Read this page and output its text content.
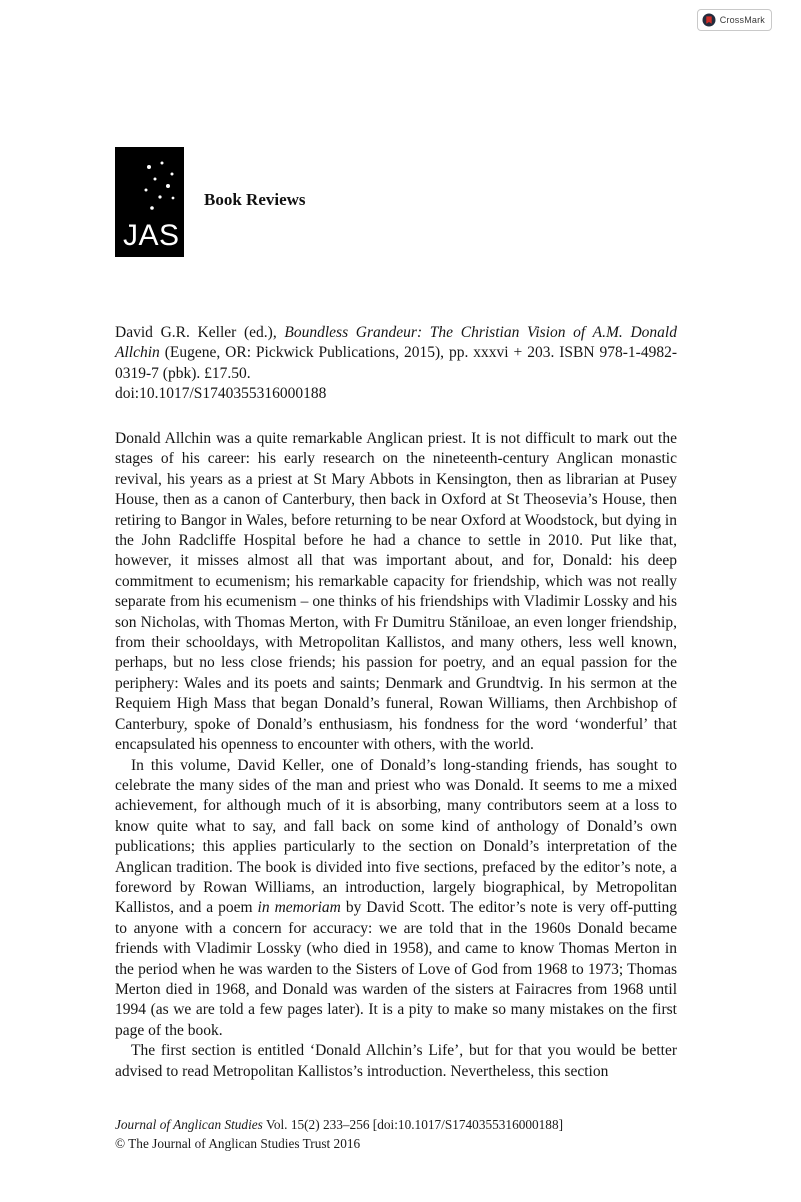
CrossMark
JAS
Book Reviews
David G.R. Keller (ed.), Boundless Grandeur: The Christian Vision of A.M. Donald Allchin (Eugene, OR: Pickwick Publications, 2015), pp. xxxvi + 203. ISBN 978-1-4982-0319-7 (pbk). £17.50.
doi:10.1017/S1740355316000188

Donald Allchin was a quite remarkable Anglican priest. It is not difficult to mark out the stages of his career: his early research on the nineteenth-century Anglican monastic revival, his years as a priest at St Mary Abbots in Kensington, then as librarian at Pusey House, then as a canon of Canterbury, then back in Oxford at St Theosevia’s House, then retiring to Bangor in Wales, before returning to be near Oxford at Woodstock, but dying in the John Radcliffe Hospital before he had a chance to settle in 2010. Put like that, however, it misses almost all that was important about, and for, Donald: his deep commitment to ecumenism; his remarkable capacity for friendship, which was not really separate from his ecumenism – one thinks of his friendships with Vladimir Lossky and his son Nicholas, with Thomas Merton, with Fr Dumitru Stăniloae, an even longer friendship, from their schooldays, with Metropolitan Kallistos, and many others, less well known, perhaps, but no less close friends; his passion for poetry, and an equal passion for the periphery: Wales and its poets and saints; Denmark and Grundtvig. In his sermon at the Requiem High Mass that began Donald’s funeral, Rowan Williams, then Archbishop of Canterbury, spoke of Donald’s enthusiasm, his fondness for the word ‘wonderful’ that encapsulated his openness to encounter with others, with the world.

In this volume, David Keller, one of Donald’s long-standing friends, has sought to celebrate the many sides of the man and priest who was Donald. It seems to me a mixed achievement, for although much of it is absorbing, many contributors seem at a loss to know quite what to say, and fall back on some kind of anthology of Donald’s own publications; this applies particularly to the section on Donald’s interpretation of the Anglican tradition. The book is divided into five sections, prefaced by the editor’s note, a foreword by Rowan Williams, an introduction, largely biographical, by Metropolitan Kallistos, and a poem in memoriam by David Scott. The editor’s note is very off-putting to anyone with a concern for accuracy: we are told that in the 1960s Donald became friends with Vladimir Lossky (who died in 1958), and came to know Thomas Merton in the period when he was warden to the Sisters of Love of God from 1968 to 1973; Thomas Merton died in 1968, and Donald was warden of the sisters at Fairacres from 1968 until 1994 (as we are told a few pages later). It is a pity to make so many mistakes on the first page of the book.

The first section is entitled ‘Donald Allchin’s Life’, but for that you would be better advised to read Metropolitan Kallistos’s introduction. Nevertheless, this section

Journal of Anglican Studies Vol. 15(2) 233–256 [doi:10.1017/S1740355316000188]
© The Journal of Anglican Studies Trust 2016
